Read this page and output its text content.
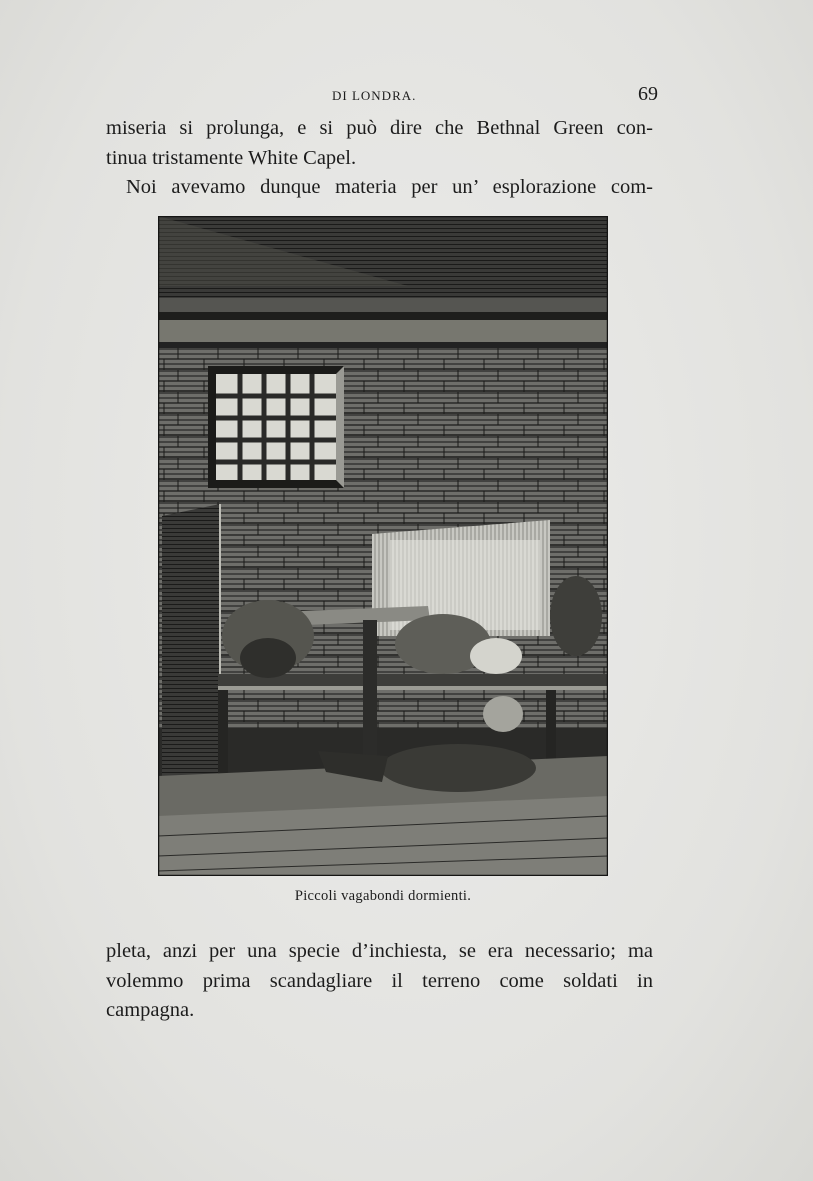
DI LONDRA.	69
miseria si prolunga, e si può dire che Bethnal Green con-
tinua tristamente White Capel.
Noi avevamo dunque materia per un’ esplorazione com-
Piccoli vagabondi dormienti.
pleta, anzi per una specie d’inchiesta, se era necessario; ma
volemmo prima scandagliare il terreno come soldati in
campagna.
